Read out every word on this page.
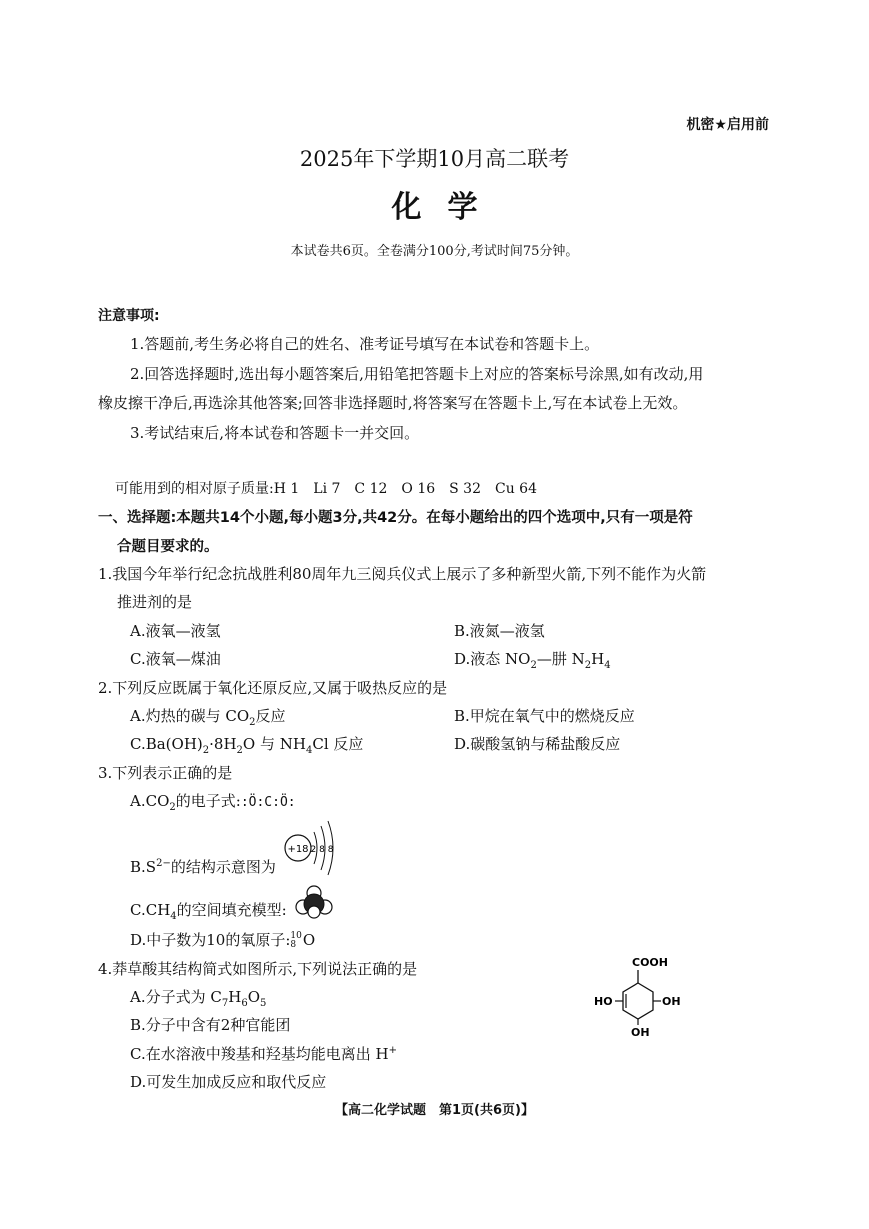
机密★启用前
2025年下学期10月高二联考
化学
本试卷共6页。全卷满分100分,考试时间75分钟。
注意事项:
1.答题前,考生务必将自己的姓名、准考证号填写在本试卷和答题卡上。
2.回答选择题时,选出每小题答案后,用铅笔把答题卡上对应的答案标号涂黑,如有改动,用
橡皮擦干净后,再选涂其他答案;回答非选择题时,将答案写在答题卡上,写在本试卷上无效。
3.考试结束后,将本试卷和答题卡一并交回。
可能用到的相对原子质量:H 1　Li 7　C 12　O 16　S 32　Cu 64
一、选择题:本题共14个小题,每小题3分,共42分。在每小题给出的四个选项中,只有一项是符
合题目要求的。
1.我国今年举行纪念抗战胜利80周年九三阅兵仪式上展示了多种新型火箭,下列不能作为火箭
推进剂的是
A.液氧—液氢	B.液氮—液氢
C.液氧—煤油	D.液态 $NO_2—$肼 $N_2H_4$
2.下列反应既属于氧化还原反应,又属于吸热反应的是
A.灼热的碳与 $CO_2$反应	B.甲烷在氧气中的燃烧反应
$C.Ba(OH)_2\cdot 8H_2O$ 与 $NH_4Cl$ 反应	D.碳酸氢钠与稀盐酸反应
3.下列表示正确的是
$A.CO_2$的电子式::Ö:C:Ö:
$B.S^{2-}$的结构示意图为
+18 2 8 8
$C.CH_4$的空间填充模型:
D.中子数为10的氧原子: 10
8 O
4.莽草酸其结构简式如图所示,下列说法正确的是
A.分子式为 $C_7H_6O_5$
B.分子中含有2种官能团
C.在水溶液中羧基和羟基均能电离出 H+
D.可发生加成反应和取代反应
COOH
HO	OH
OH
【高二化学试题　第1页(共6页)】
